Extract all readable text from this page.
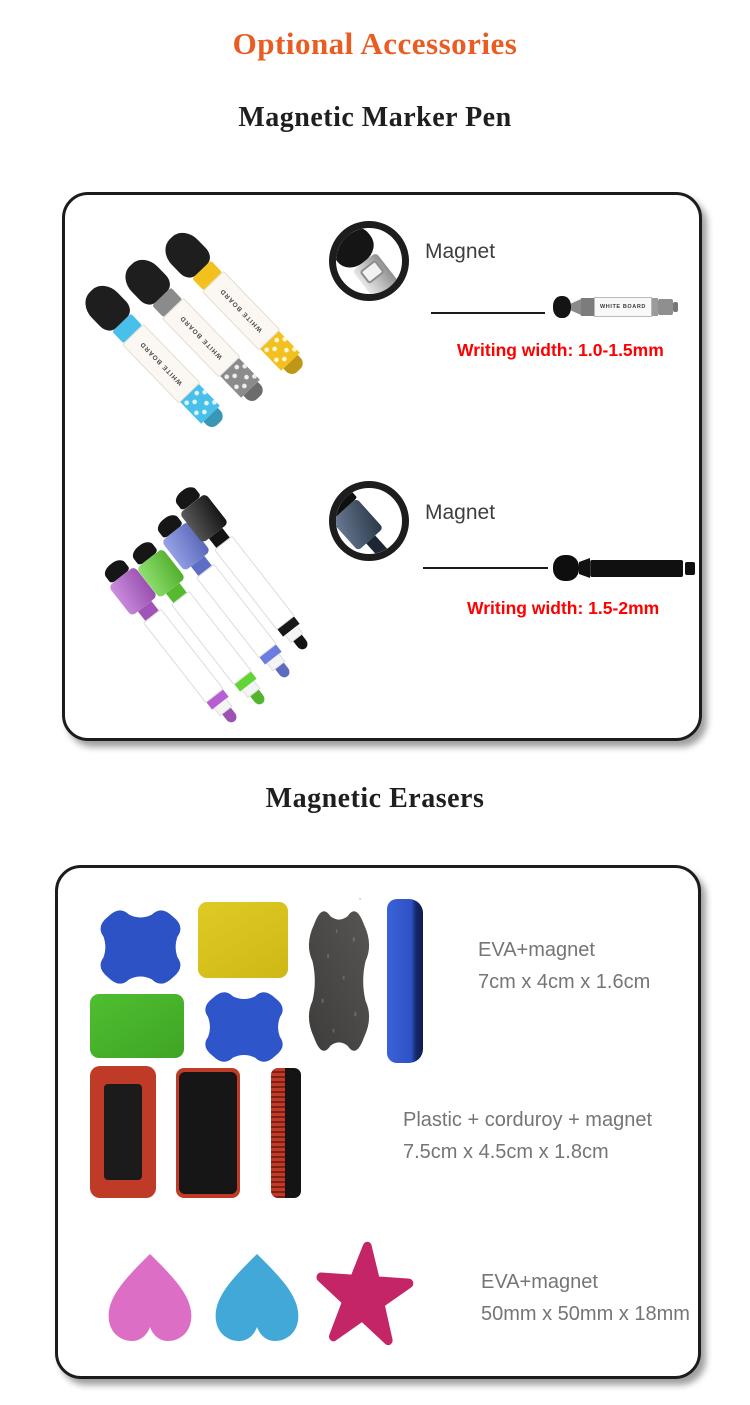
Optional Accessories
Magnetic Marker Pen
WHITE BOARD
WHITE BOARD
WHITE BOARD
Magnet
WHITE BOARD
Writing width: 1.0-1.5mm
Magnet
Writing width: 1.5-2mm
Magnetic Erasers
EVA+magnet
7cm x 4cm x 1.6cm
Plastic + corduroy + magnet
7.5cm x 4.5cm x 1.8cm
EVA+magnet
50mm x 50mm x 18mm
